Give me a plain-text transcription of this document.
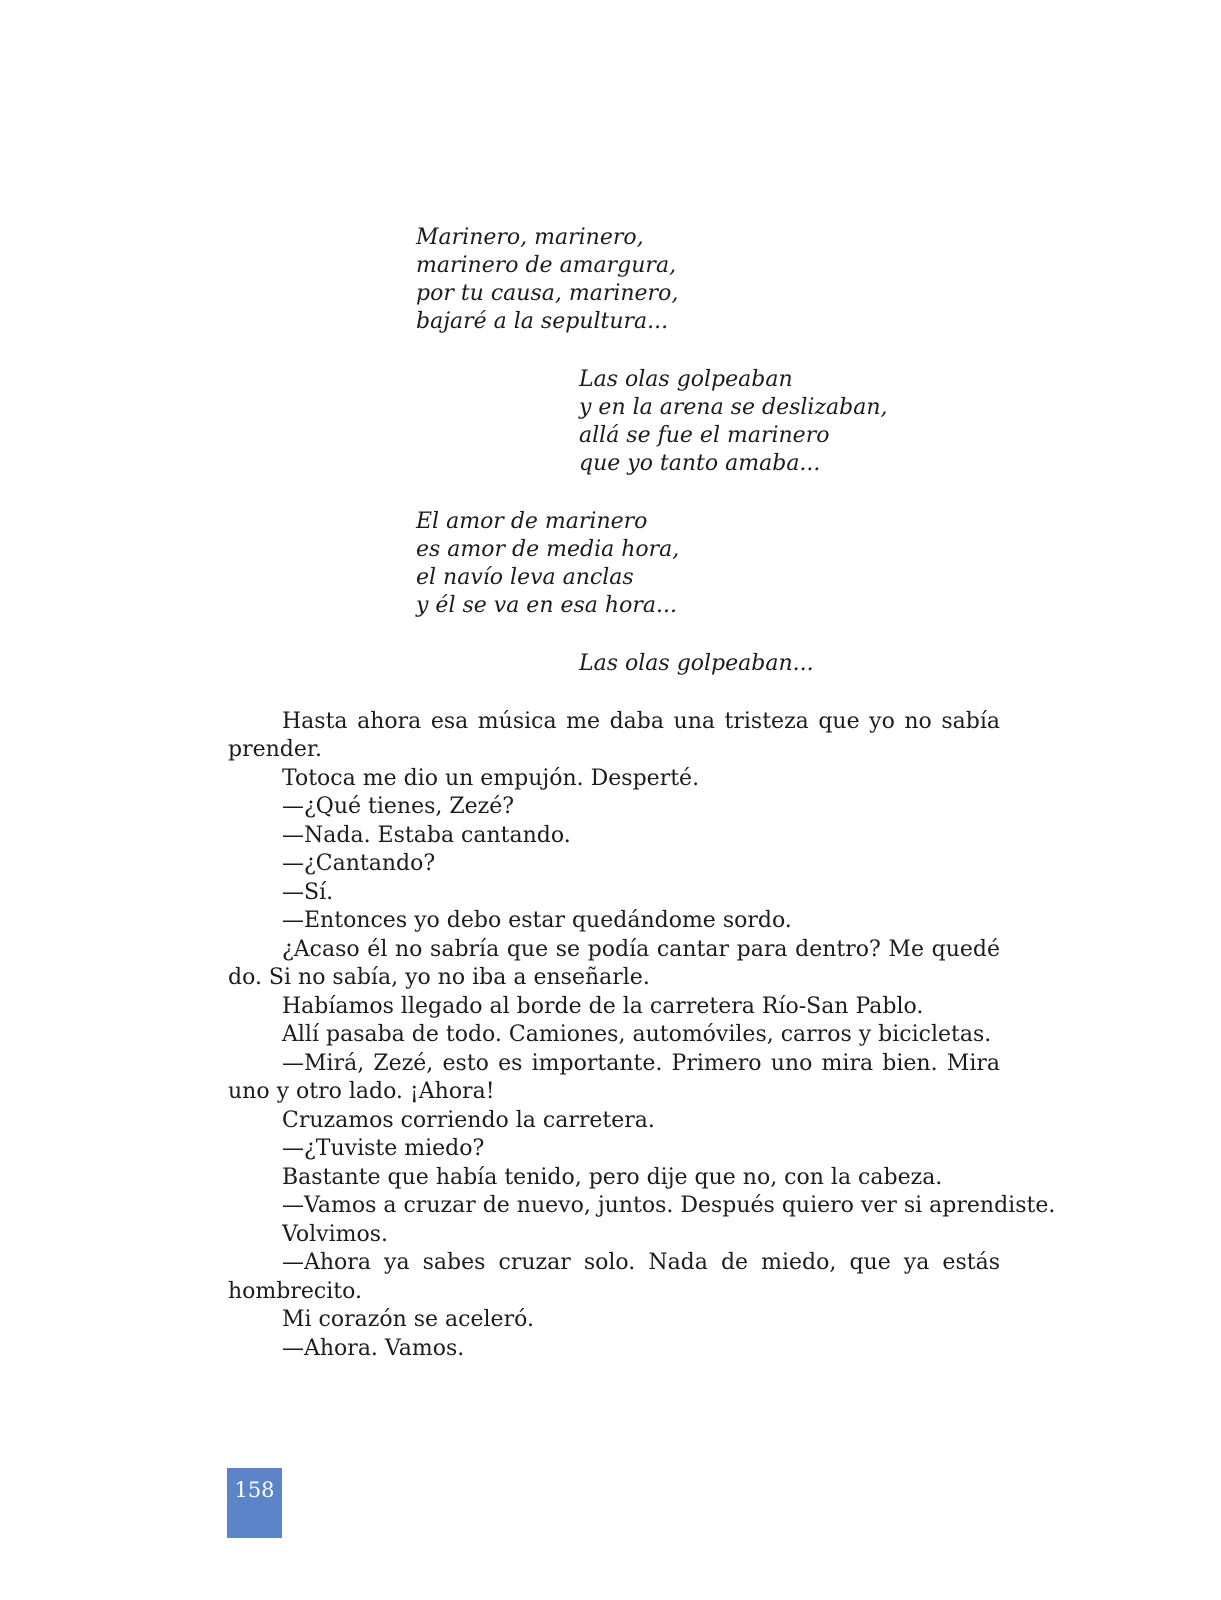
Marinero, marinero,
marinero de amargura,
por tu causa, marinero,
bajaré a la sepultura...
Las olas golpeaban
y en la arena se deslizaban,
allá se fue el marinero
que yo tanto amaba...
El amor de marinero
es amor de media hora,
el navío leva anclas
y él se va en esa hora...
Las olas golpeaban...
Hasta ahora esa música me daba una tristeza que yo no sabía
prender.
Totoca me dio un empujón. Desperté.
—¿Qué tienes, Zezé?
—Nada. Estaba cantando.
—¿Cantando?
—Sí.
—Entonces yo debo estar quedándome sordo.
¿Acaso él no sabría que se podía cantar para dentro? Me quedé
do. Si no sabía, yo no iba a enseñarle.
Habíamos llegado al borde de la carretera Río-San Pablo.
Allí pasaba de todo. Camiones, automóviles, carros y bicicletas.
—Mirá, Zezé, esto es importante. Primero uno mira bien. Mira
uno y otro lado. ¡Ahora!
Cruzamos corriendo la carretera.
—¿Tuviste miedo?
Bastante que había tenido, pero dije que no, con la cabeza.
—Vamos a cruzar de nuevo, juntos. Después quiero ver si aprendiste.
Volvimos.
—Ahora ya sabes cruzar solo. Nada de miedo, que ya estás
hombrecito.
Mi corazón se aceleró.
—Ahora. Vamos.
158
